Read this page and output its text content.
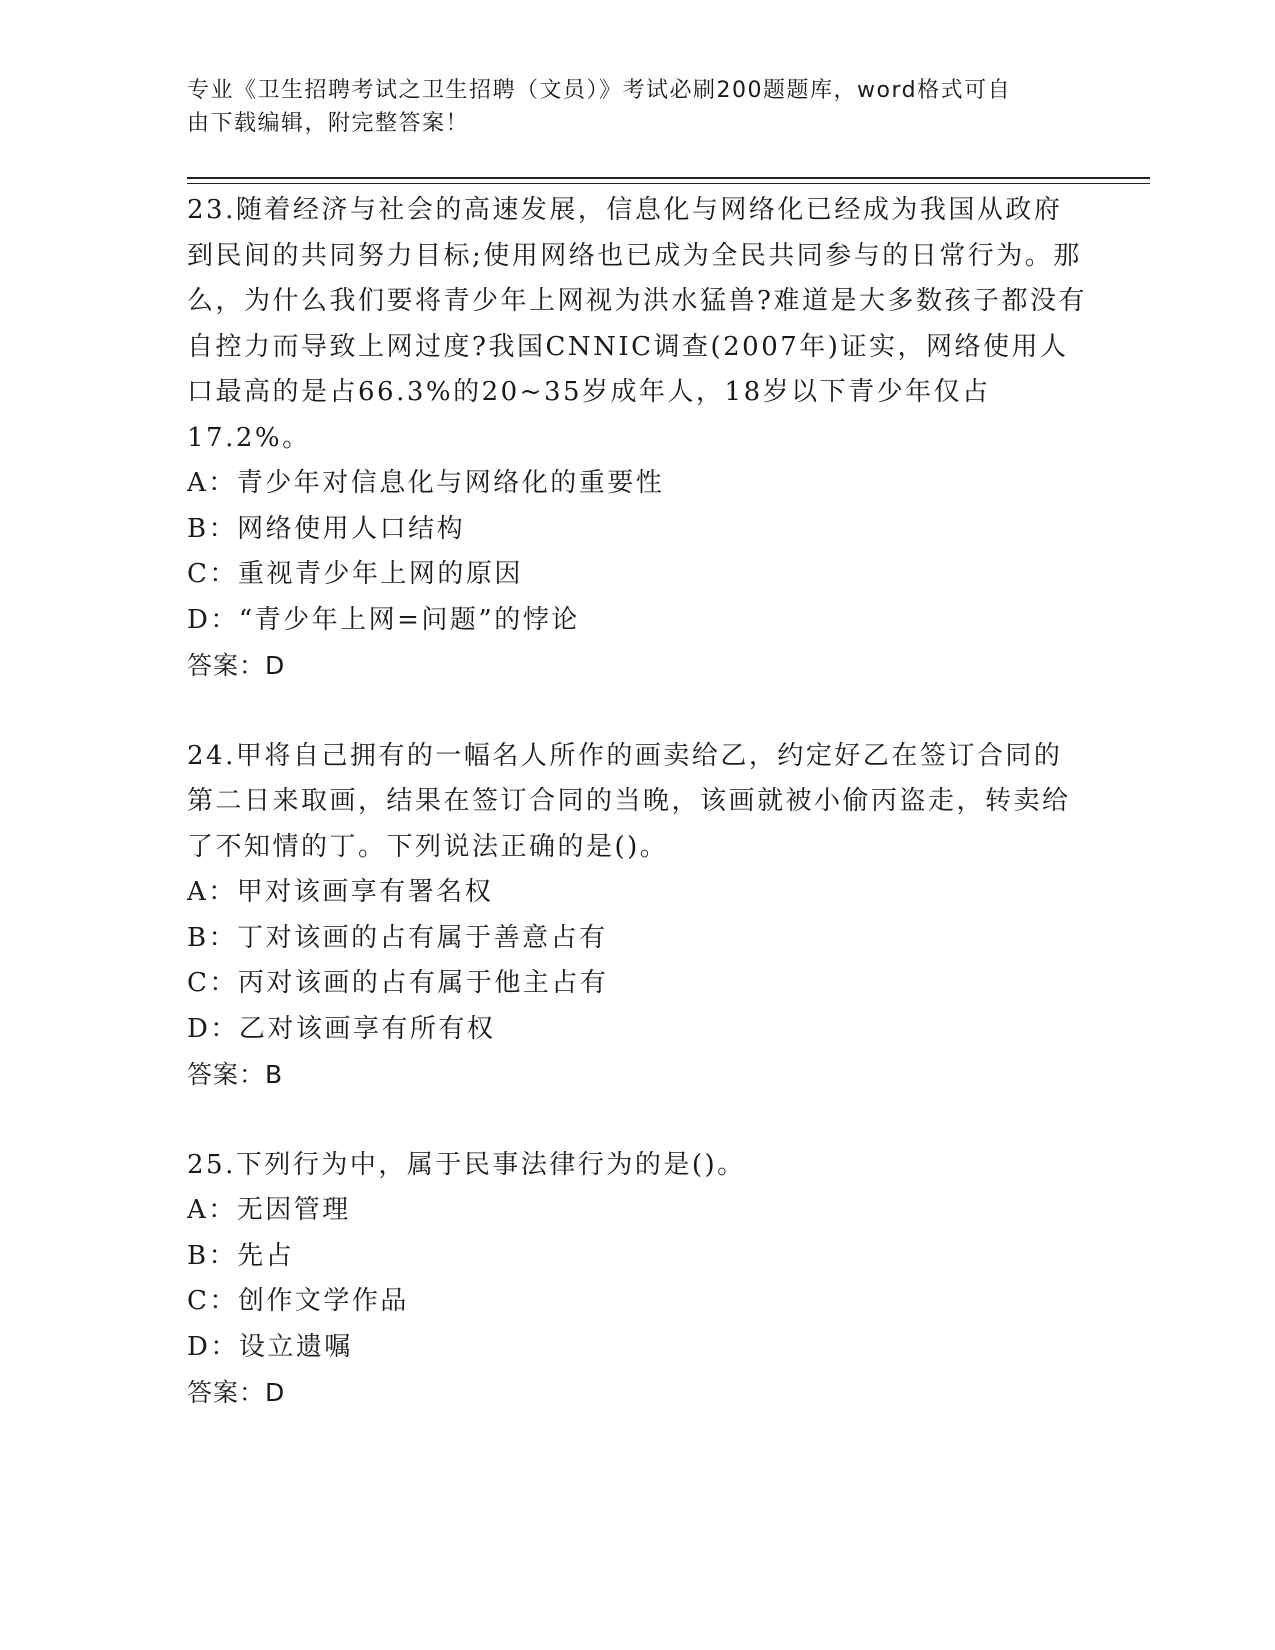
专业《卫生招聘考试之卫生招聘（文员）》考试必刷200题题库，word格式可自
由下载编辑，附完整答案！

23.随着经济与社会的高速发展，信息化与网络化已经成为我国从政府到民间的共同努力目标;使用网络也已成为全民共同参与的日常行为。那么，为什么我们要将青少年上网视为洪水猛兽?难道是大多数孩子都没有自控力而导致上网过度?我国CNNIC调查(2007年)证实，网络使用人口最高的是占66.3%的20~35岁成年人，18岁以下青少年仅占17.2%。

A：青少年对信息化与网络化的重要性

B：网络使用人口结构

C：重视青少年上网的原因

D：“青少年上网=问题”的悖论

答案：D

24.甲将自己拥有的一幅名人所作的画卖给乙，约定好乙在签订合同的第二日来取画，结果在签订合同的当晚，该画就被小偷丙盗走，转卖给了不知情的丁。下列说法正确的是()。

A：甲对该画享有署名权

B：丁对该画的占有属于善意占有

C：丙对该画的占有属于他主占有

D：乙对该画享有所有权

答案：B

25.下列行为中，属于民事法律行为的是()。

A：无因管理

B：先占

C：创作文学作品

D：设立遗嘱

答案：D
